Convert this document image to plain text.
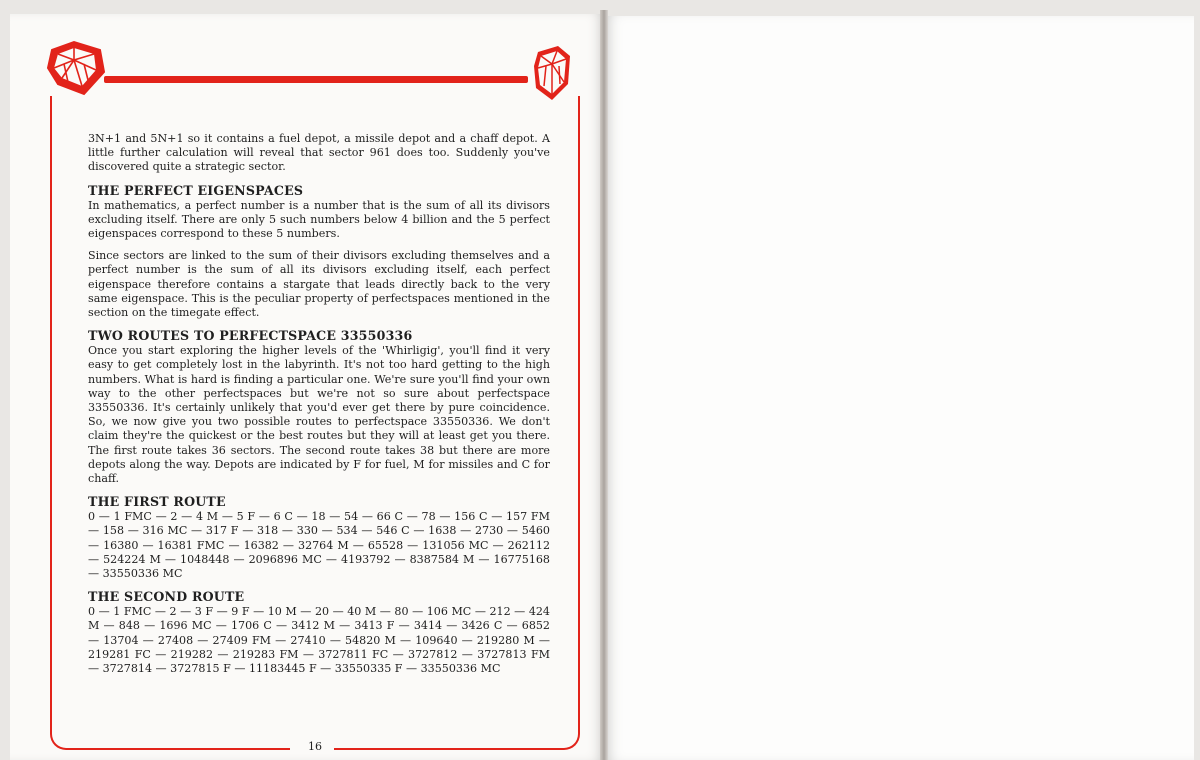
3N+1 and 5N+1 so it contains a fuel depot, a missile depot and a chaff depot. A little further calculation will reveal that sector 961 does too. Suddenly you've discovered quite a strategic sector.

THE PERFECT EIGENSPACES

In mathematics, a perfect number is a number that is the sum of all its divisors excluding itself. There are only 5 such numbers below 4 billion and the 5 perfect eigenspaces correspond to these 5 numbers.

Since sectors are linked to the sum of their divisors excluding themselves and a perfect number is the sum of all its divisors excluding itself, each perfect eigenspace therefore contains a stargate that leads directly back to the very same eigenspace. This is the peculiar property of perfectspaces mentioned in the section on the timegate effect.

TWO ROUTES TO PERFECTSPACE 33550336

Once you start exploring the higher levels of the 'Whirligig', you'll find it very easy to get completely lost in the labyrinth. It's not too hard getting to the high numbers. What is hard is finding a particular one. We're sure you'll find your own way to the other perfectspaces but we're not so sure about perfectspace 33550336. It's certainly unlikely that you'd ever get there by pure coincidence. So, we now give you two possible routes to perfectspace 33550336. We don't claim they're the quickest or the best routes but they will at least get you there. The first route takes 36 sectors. The second route takes 38 but there are more depots along the way. Depots are indicated by F for fuel, M for missiles and C for chaff.

THE FIRST ROUTE

0 — 1 FMC — 2 — 4 M — 5 F — 6 C — 18 — 54 — 66 C — 78 — 156 C — 157 FM — 158 — 316 MC — 317 F — 318 — 330 — 534 — 546 C — 1638 — 2730 — 5460 — 16380 — 16381 FMC — 16382 — 32764 M — 65528 — 131056 MC — 262112 — 524224 M — 1048448 — 2096896 MC — 4193792 — 8387584 M — 16775168 — 33550336 MC

THE SECOND ROUTE

0 — 1 FMC — 2 — 3 F — 9 F — 10 M — 20 — 40 M — 80 — 106 MC — 212 — 424 M — 848 — 1696 MC — 1706 C — 3412 M — 3413 F — 3414 — 3426 C — 6852 — 13704 — 27408 — 27409 FM — 27410 — 54820 M — 109640 — 219280 M — 219281 FC — 219282 — 219283 FM — 3727811 FC — 3727812 — 3727813 FM — 3727814 — 3727815 F — 11183445 F — 33550335 F — 33550336 MC

16
